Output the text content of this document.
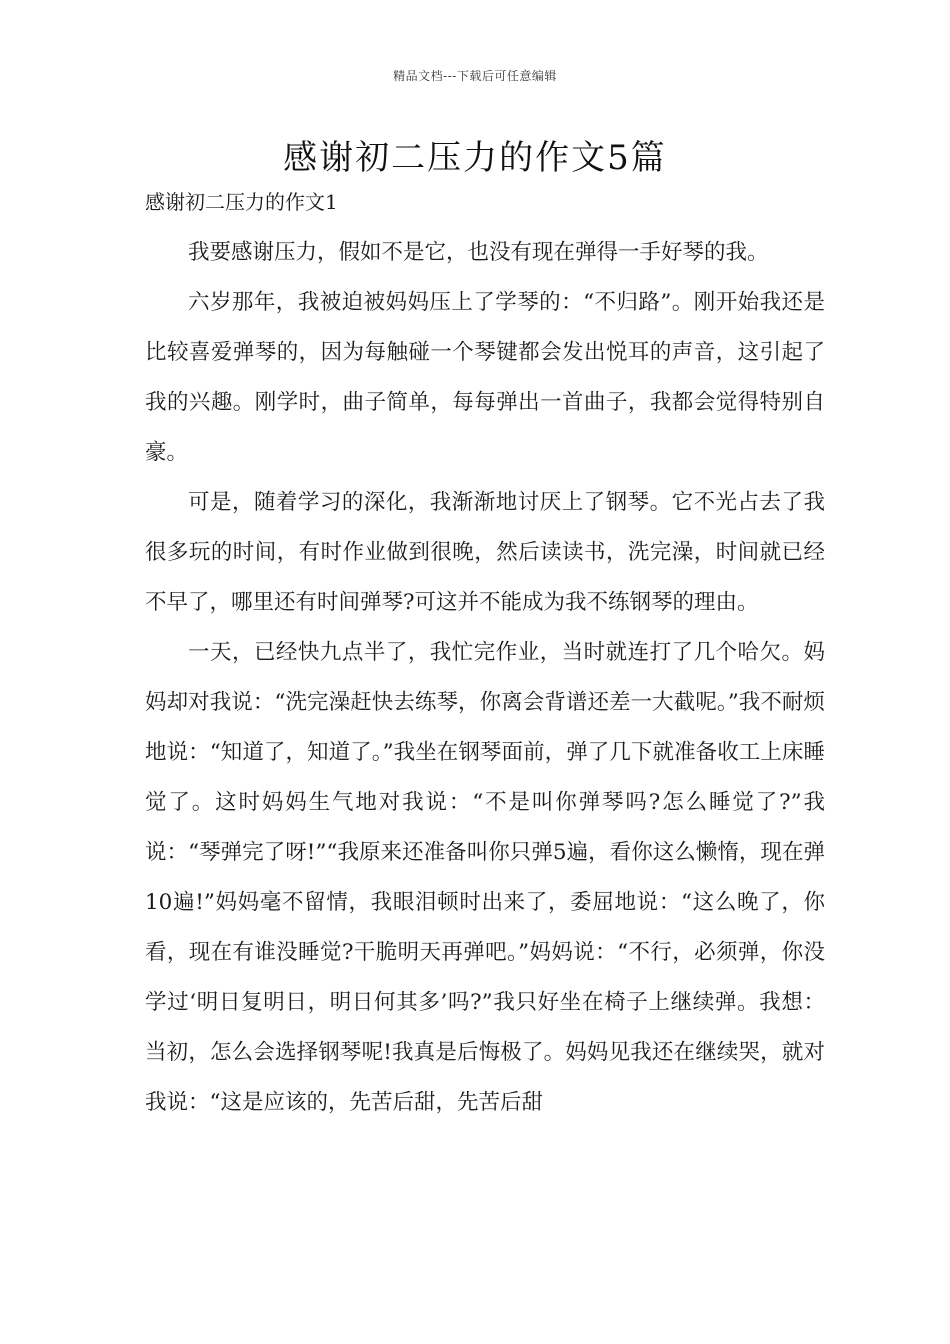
精品文档---下载后可任意编辑
感谢初二压力的作文5篇
感谢初二压力的作文1

我要感谢压力，假如不是它，也没有现在弹得一手好琴的我。

六岁那年，我被迫被妈妈压上了学琴的：“不归路”。刚开始我还是比较喜爱弹琴的，因为每触碰一个琴键都会发出悦耳的声音，这引起了我的兴趣。刚学时，曲子简单，每每弹出一首曲子，我都会觉得特别自豪。

可是，随着学习的深化，我渐渐地讨厌上了钢琴。它不光占去了我很多玩的时间，有时作业做到很晚，然后读读书，洗完澡，时间就已经不早了，哪里还有时间弹琴?可这并不能成为我不练钢琴的理由。

一天，已经快九点半了，我忙完作业，当时就连打了几个哈欠。妈妈却对我说：“洗完澡赶快去练琴，你离会背谱还差一大截呢。”我不耐烦地说：“知道了，知道了。”我坐在钢琴面前，弹了几下就准备收工上床睡觉了。这时妈妈生气地对我说：“不是叫你弹琴吗?怎么睡觉了?”我说：“琴弹完了呀!”“我原来还准备叫你只弹5遍，看你这么懒惰，现在弹10遍!”妈妈毫不留情，我眼泪顿时出来了，委屈地说：“这么晚了，你看，现在有谁没睡觉?干脆明天再弹吧。”妈妈说：“不行，必须弹，你没学过‘明日复明日，明日何其多’吗?”我只好坐在椅子上继续弹。我想：当初，怎么会选择钢琴呢!我真是后悔极了。妈妈见我还在继续哭，就对我说：“这是应该的，先苦后甜，先苦后甜
